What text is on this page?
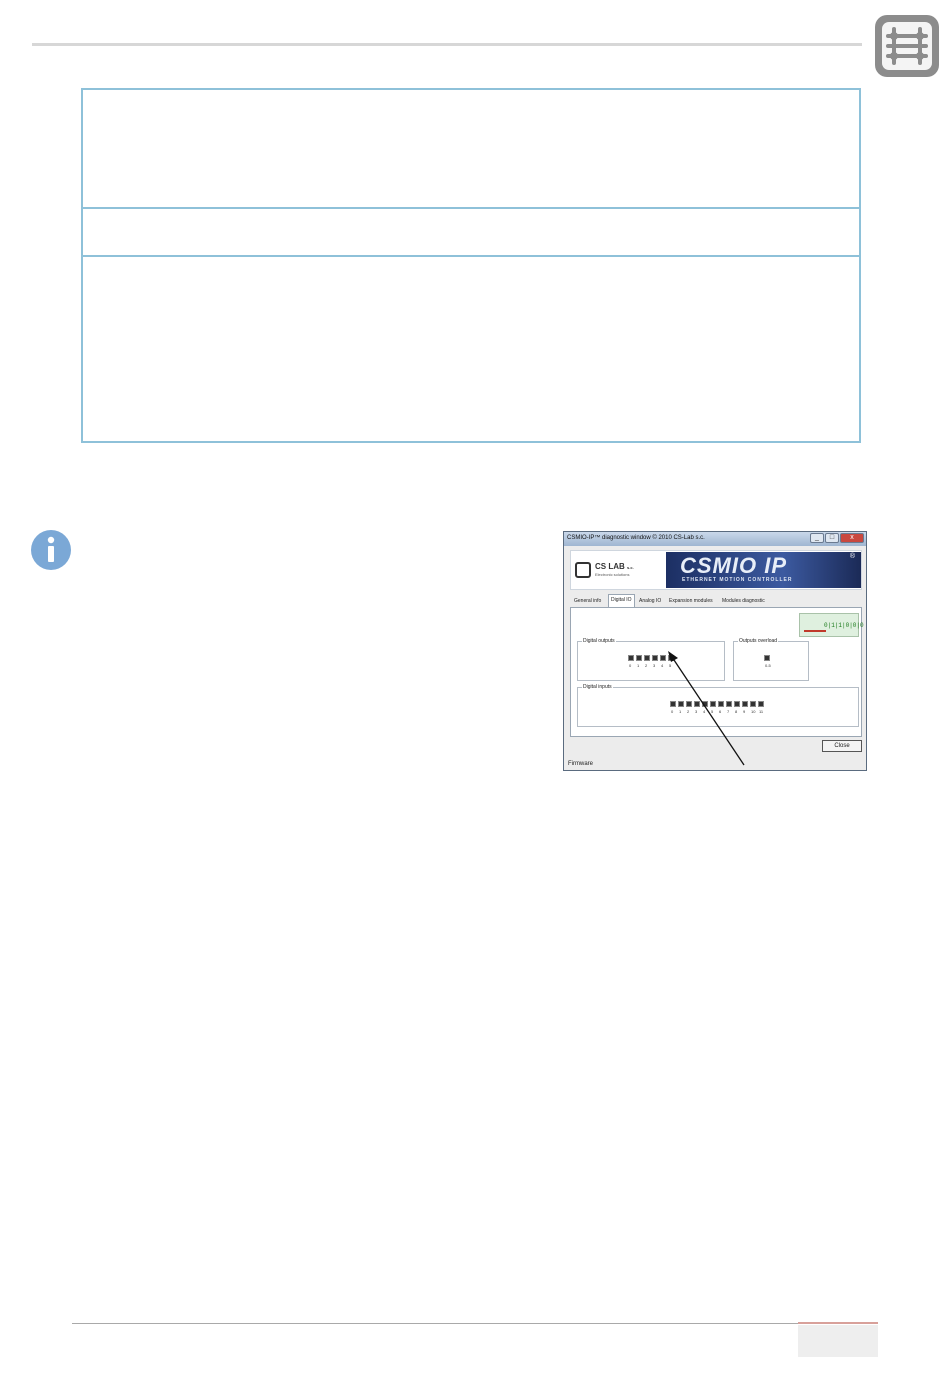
CSMIO-IP™ diagnostic window © 2010 CS-Lab s.c.	_	□	x
CS LAB s.c.
Electronic solutions CSMIO IP
ETHERNET MOTION CONTROLLER
®
General info	Digital IO	Analog IO	Expansion modules	Modules diagnostic
0|1|1|0|0|0
Digital outputs
0 1 2 3 4 5
Outputs overload
0-5
Digital inputs
0 1 2 3 4 5 6 7 8 9 10 11
Close
Firmware
